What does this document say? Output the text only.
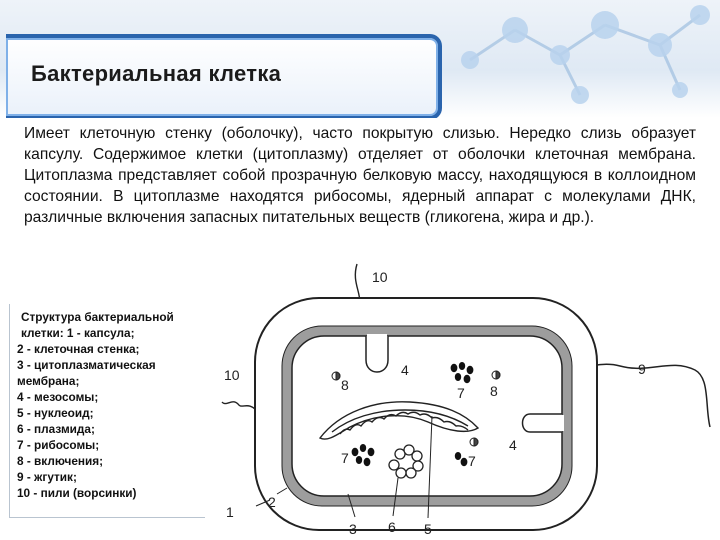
Бактериальная клетка

Имеет клеточную стенку (оболочку), часто покрытую слизью. Нередко слизь образует капсулу. Содержимое клетки (цитоплазму) отделяет от оболочки клеточная мембрана. Цитоплазма представляет собой прозрачную белковую массу, находящуюся в коллоидном состоянии. В цитоплазме находятся рибосомы, ядерный аппарат с молекулами ДНК, различные включения запасных питательных веществ (гликогена, жира и др.).

10
10	9
8	8
4
4
7
7	7
1
2
3 6 5

Структура бактериальной
клетки: 1 - капсула;

2 - клеточная стенка;
3 - цитоплазматическая
мембрана;
4 - мезосомы;
5 - нуклеоид;
6 - плазмида;
7 - рибосомы;
8 - включения;
9 - жгутик;
10 - пили (ворсинки)
